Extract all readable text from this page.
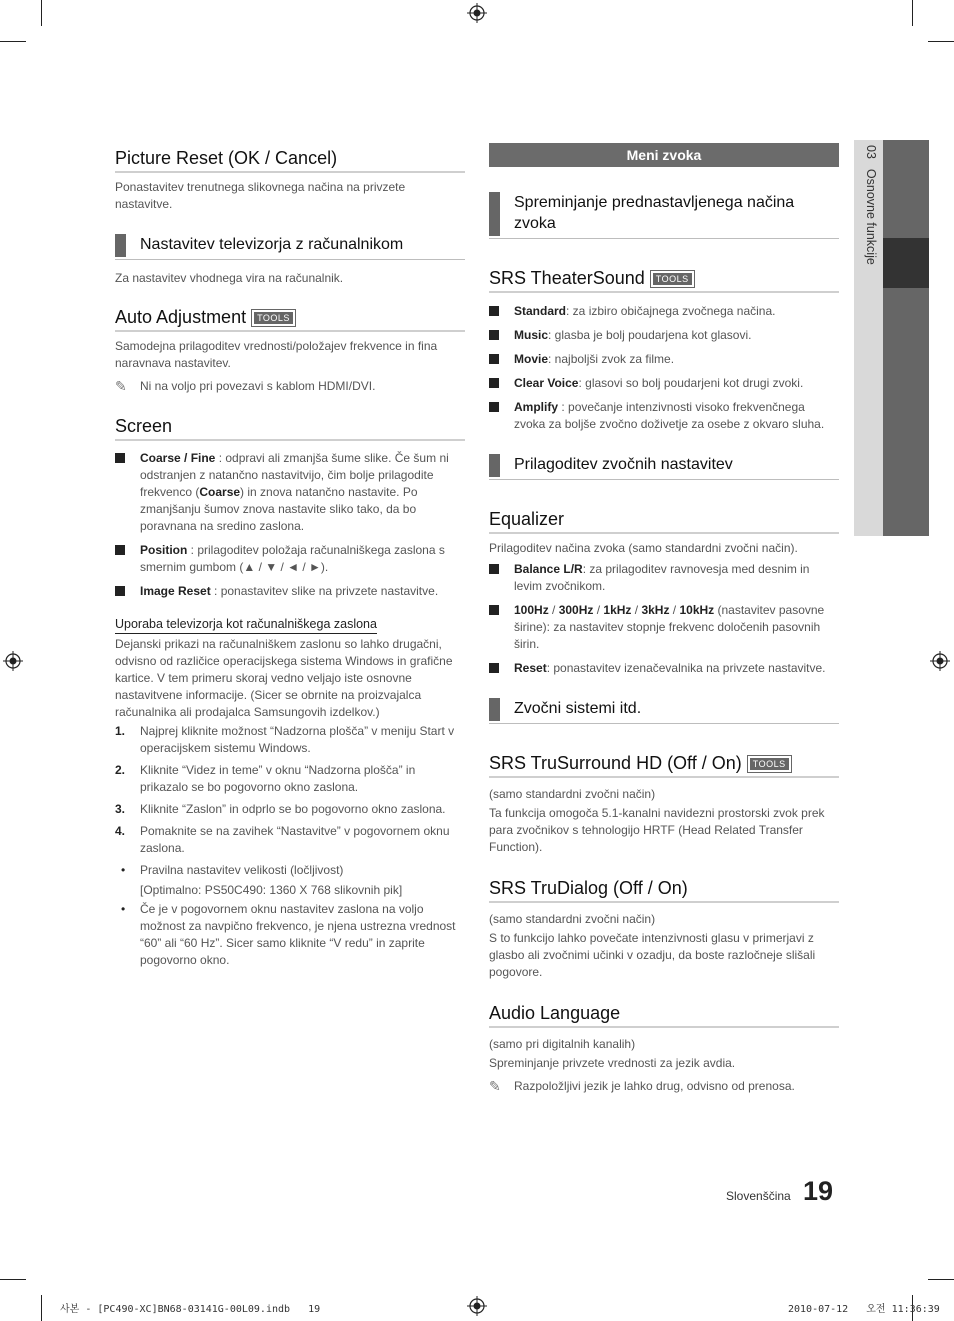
Picture Reset (OK / Cancel)

Ponastavitev trenutnega slikovnega načina na privzete nastavitve.

Nastavitev televizorja z računalnikom

Za nastavitev vhodnega vira na računalnik.

Auto Adjustment TOOLS

Samodejna prilagoditev vrednosti/položajev frekvence in fina naravnava nastavitev.

✎ Ni na voljo pri povezavi s kablom HDMI/DVI.
Screen
Coarse / Fine : odpravi ali zmanjša šume slike. Če šum ni odstranjen z natančno nastavitvijo, čim bolje prilagodite frekvenco (Coarse) in znova natančno nastavite. Po zmanjšanju šumov znova nastavite sliko tako, da bo poravnana na sredino zaslona.
Position : prilagoditev položaja računalniškega zaslona s smernim gumbom (▲ / ▼ / ◄ / ►).
Image Reset : ponastavitev slike na privzete nastavitve.
Uporaba televizorja kot računalniškega zaslona

Dejanski prikazi na računalniškem zaslonu so lahko drugačni, odvisno od različice operacijskega sistema Windows in grafične kartice. V tem primeru skoraj vedno veljajo iste osnovne nastavitvene informacije. (Sicer se obrnite na proizvajalca računalnika ali prodajalca Samsungovih izdelkov.)

1. Najprej kliknite možnost “Nadzorna plošča” v meniju Start v operacijskem sistemu Windows.
2. Kliknite “Videz in teme” v oknu “Nadzorna plošča” in prikazalo se bo pogovorno okno zaslona.
3. Kliknite “Zaslon” in odprlo se bo pogovorno okno zaslona.
4. Pomaknite se na zavihek “Nastavitve” v pogovornem oknu zaslona.
• Pravilna nastavitev velikosti (ločljivost)
[Optimalno: PS50C490: 1360 X 768 slikovnih pik]
• Če je v pogovornem oknu nastavitev zaslona na voljo možnost za navpično frekvenco, je njena ustrezna vrednost “60” ali “60 Hz”. Sicer samo kliknite “V redu” in zaprite pogovorno okno.
Meni zvoka
Spreminjanje prednastavljenega načina zvoka
SRS TheaterSound TOOLS
Standard: za izbiro običajnega zvočnega načina.
Music: glasba je bolj poudarjena kot glasovi.
Movie: najboljši zvok za filme.
Clear Voice: glasovi so bolj poudarjeni kot drugi zvoki.
Amplify : povečanje intenzivnosti visoko frekvenčnega zvoka za boljše zvočno doživetje za osebe z okvaro sluha.
Prilagoditev zvočnih nastavitev
Equalizer

Prilagoditev načina zvoka (samo standardni zvočni način).

Balance L/R: za prilagoditev ravnovesja med desnim in levim zvočnikom.
100Hz / 300Hz / 1kHz / 3kHz / 10kHz (nastavitev pasovne širine): za nastavitev stopnje frekvenc določenih pasovnih širin.
Reset: ponastavitev izenačevalnika na privzete nastavitve.
Zvočni sistemi itd.
SRS TruSurround HD (Off / On) TOOLS

(samo standardni zvočni način)

Ta funkcija omogoča 5.1-kanalni navidezni prostorski zvok prek para zvočnikov s tehnologijo HRTF (Head Related Transfer Function).

SRS TruDialog (Off / On)

(samo standardni zvočni način)

S to funkcijo lahko povečate intenzivnosti glasu v primerjavi z glasbo ali zvočnimi učinki v ozadju, da boste razločneje slišali pogovore.

Audio Language

(samo pri digitalnih kanalih)

Spreminjanje privzete vrednosti za jezik avdia.

✎ Razpoložljivi jezik je lahko drug, odvisno od prenosa.
03Osnovne funkcije
Slovenščina 19
사본 - [PC490-XC]BN68-03141G-00L09.indb   19	2010-07-12   오전 11:36:39
